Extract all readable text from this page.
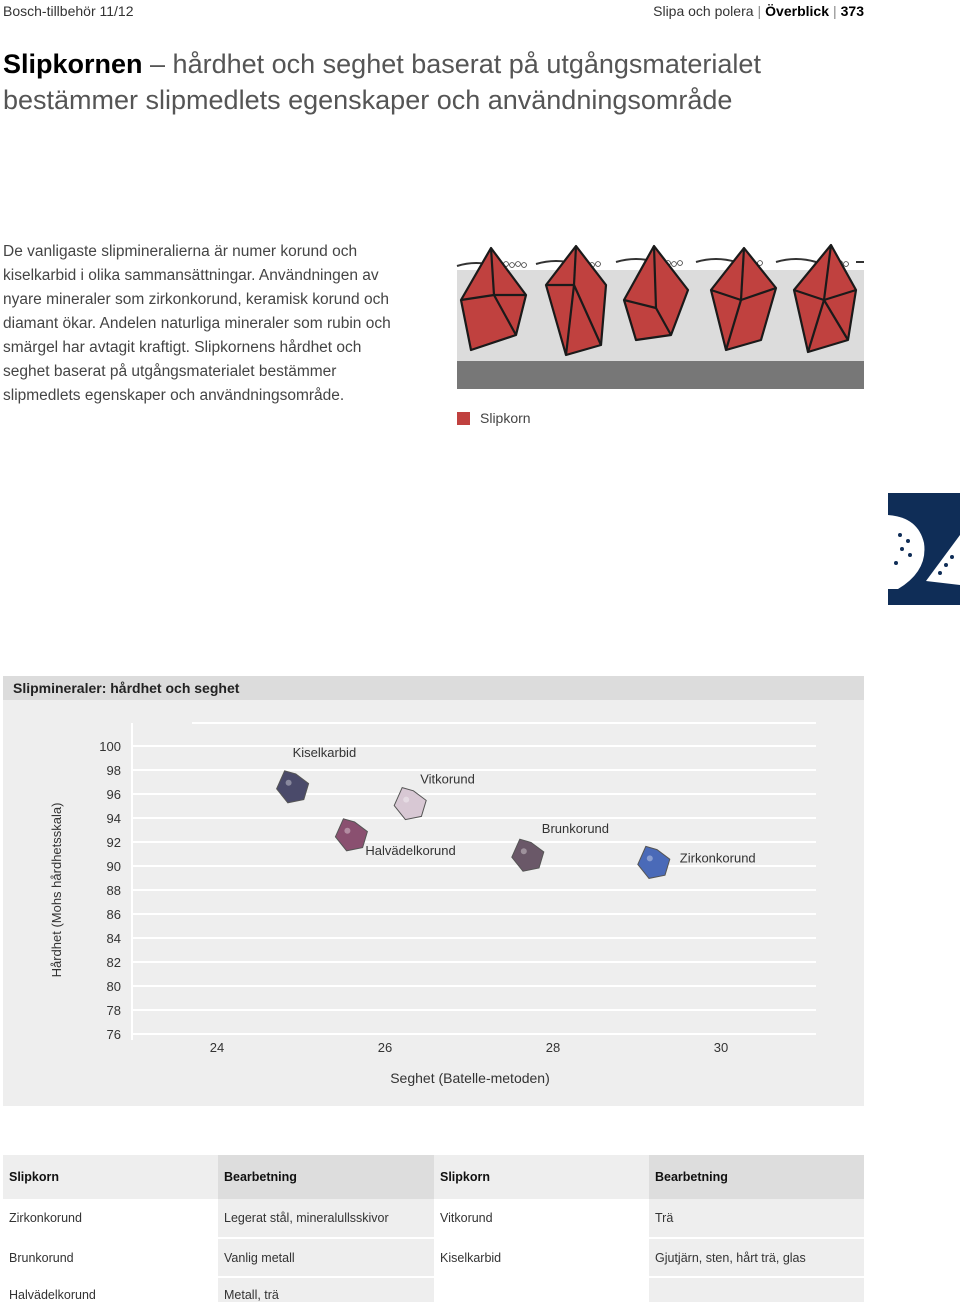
Bosch-tillbehör 11/12	Slipa och polera | Överblick | 373
Slipkornen – hårdhet och seghet baserat på utgångsmaterialet
bestämmer slipmedlets egenskaper och användningsområde

De vanligaste slipmineralierna är numer korund och kiselkarbid i olika sammansättningar. Användningen av nyare mineraler som zirkonkorund, keramisk korund och diamant ökar. Andelen naturliga mineraler som rubin och smärgel har avtagit kraftigt. Slipkornens hårdhet och seghet baserat på utgångsmaterialet bestämmer slipmedlets egenskaper och användningsområde.

Slipkorn
Slipmineraler: hårdhet och seghet
100
98
96
94
92
90
88
86
84
82
80
78
76
24	26	28	30
Seghet (Batelle-metoden)
Hårdhet (Mohs hårdhetsskala)
Kiselkarbid
Halvädelkorund
Vitkorund
Brunkorund
Zirkonkorund
Slipkorn	Bearbetning	Slipkorn	Bearbetning
Zirkonkorund	Legerat stål, mineralullsskivor	Vitkorund	Trä
Brunkorund	Vanlig metall	Kiselkarbid	Gjutjärn, sten, hårt trä, glas
Halvädelkorund	Metall, trä		
